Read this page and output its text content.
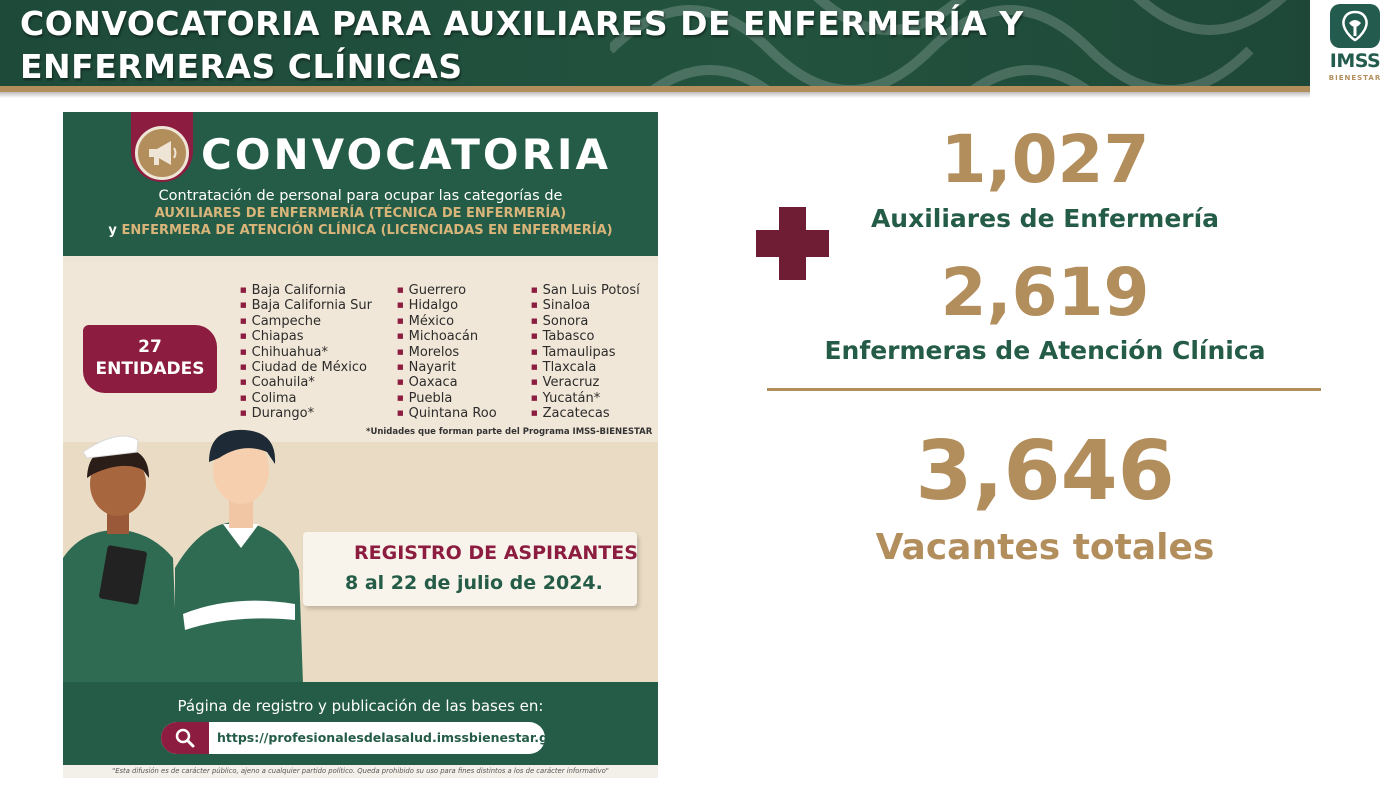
CONVOCATORIA PARA AUXILIARES DE ENFERMERÍA Y
ENFERMERAS CLÍNICAS	IMSS
BIENESTAR
CONVOCATORIA
Contratación de personal para ocupar las categorías de
AUXILIARES DE ENFERMERÍA (TÉCNICA DE ENFERMERÍA)
y ENFERMERA DE ATENCIÓN CLÍNICA (LICENCIADAS EN ENFERMERÍA)
27
ENTIDADES
■ Baja California
■ Baja California Sur
■ Campeche
■ Chiapas
■ Chihuahua*
■ Ciudad de México
■ Coahuila*
■ Colima
■ Durango*
■ Guerrero
■ Hidalgo
■ México
■ Michoacán
■ Morelos
■ Nayarit
■ Oaxaca
■ Puebla
■ Quintana Roo
■ San Luis Potosí
■ Sinaloa
■ Sonora
■ Tabasco
■ Tamaulipas
■ Tlaxcala
■ Veracruz
■ Yucatán*
■ Zacatecas
*Unidades que forman parte del Programa IMSS-BIENESTAR
REGISTRO DE ASPIRANTES
8 al 22 de julio de 2024.
Página de registro y publicación de las bases en:
https://profesionalesdelasalud.imssbienestar.gob.mx
"Esta difusión es de carácter público, ajeno a cualquier partido político. Queda prohibido su uso para fines distintos a los de carácter informativo"
1,027
Auxiliares de Enfermería
2,619
Enfermeras de Atención Clínica
3,646
Vacantes totales
